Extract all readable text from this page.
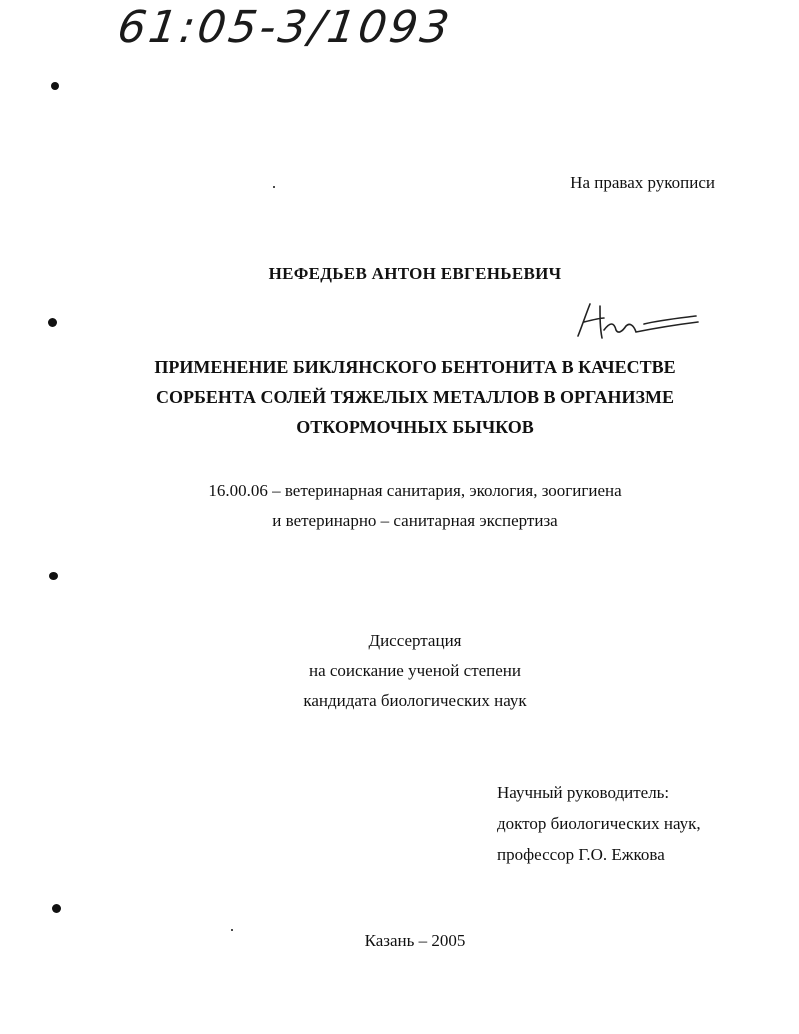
61:05-3/1093
На правах рукописи
НЕФЕДЬЕВ АНТОН ЕВГЕНЬЕВИЧ
ПРИМЕНЕНИЕ БИКЛЯНСКОГО БЕНТОНИТА В КАЧЕСТВЕ
СОРБЕНТА СОЛЕЙ ТЯЖЕЛЫХ МЕТАЛЛОВ В ОРГАНИЗМЕ
ОТКОРМОЧНЫХ БЫЧКОВ
16.00.06 – ветеринарная санитария, экология, зоогигиена
и ветеринарно – санитарная экспертиза
Диссертация
на соискание ученой степени
кандидата биологических наук
Научный руководитель:
доктор биологических наук,
профессор Г.О. Ежкова
Казань – 2005
